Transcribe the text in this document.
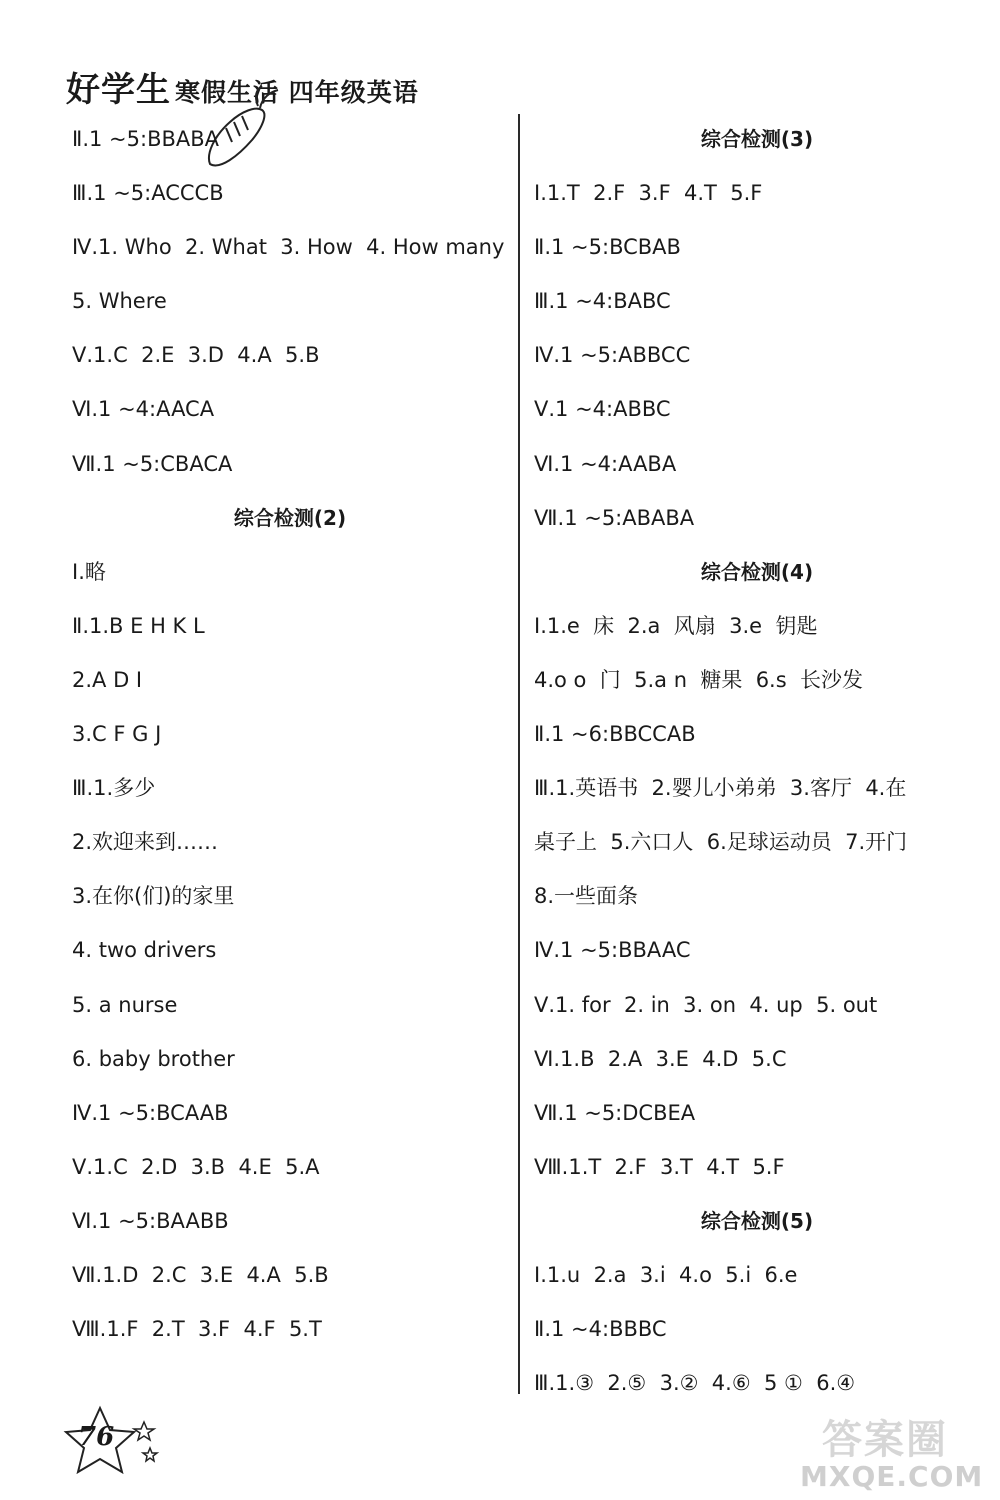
好学生 寒假生活 四年级英语
Ⅱ.1 ~5:BBABA
Ⅲ.1 ~5:ACCCB
Ⅳ.1. Who  2. What  3. How  4. How many
5. Where
Ⅴ.1.C  2.E  3.D  4.A  5.B
Ⅵ.1 ~4:AACA
Ⅶ.1 ~5:CBACA
综合检测(2)
Ⅰ.略
Ⅱ.1.B E H K L
2.A D I
3.C F G J
Ⅲ.1.多少
2.欢迎来到……
3.在你(们)的家里
4. two drivers
5. a nurse
6. baby brother
Ⅳ.1 ~5:BCAAB
Ⅴ.1.C  2.D  3.B  4.E  5.A
Ⅵ.1 ~5:BAABB
Ⅶ.1.D  2.C  3.E  4.A  5.B
Ⅷ.1.F  2.T  3.F  4.F  5.T
综合检测(3)
Ⅰ.1.T  2.F  3.F  4.T  5.F
Ⅱ.1 ~5:BCBAB
Ⅲ.1 ~4:BABC
Ⅳ.1 ~5:ABBCC
Ⅴ.1 ~4:ABBC
Ⅵ.1 ~4:AABA
Ⅶ.1 ~5:ABABA
综合检测(4)
Ⅰ.1.e  床  2.a  风扇  3.e  钥匙
4.o o  门  5.a n  糖果  6.s  长沙发
Ⅱ.1 ~6:BBCCAB
Ⅲ.1.英语书  2.婴儿小弟弟  3.客厅  4.在
桌子上  5.六口人  6.足球运动员  7.开门
8.一些面条
Ⅳ.1 ~5:BBAAC
Ⅴ.1. for  2. in  3. on  4. up  5. out
Ⅵ.1.B  2.A  3.E  4.D  5.C
Ⅶ.1 ~5:DCBEA
Ⅷ.1.T  2.F  3.T  4.T  5.F
综合检测(5)
Ⅰ.1.u  2.a  3.i  4.o  5.i  6.e
Ⅱ.1 ~4:BBBC
Ⅲ.1.③  2.⑤  3.②  4.⑥  5 ①  6.④
76	答案圈
MXQE.COM
